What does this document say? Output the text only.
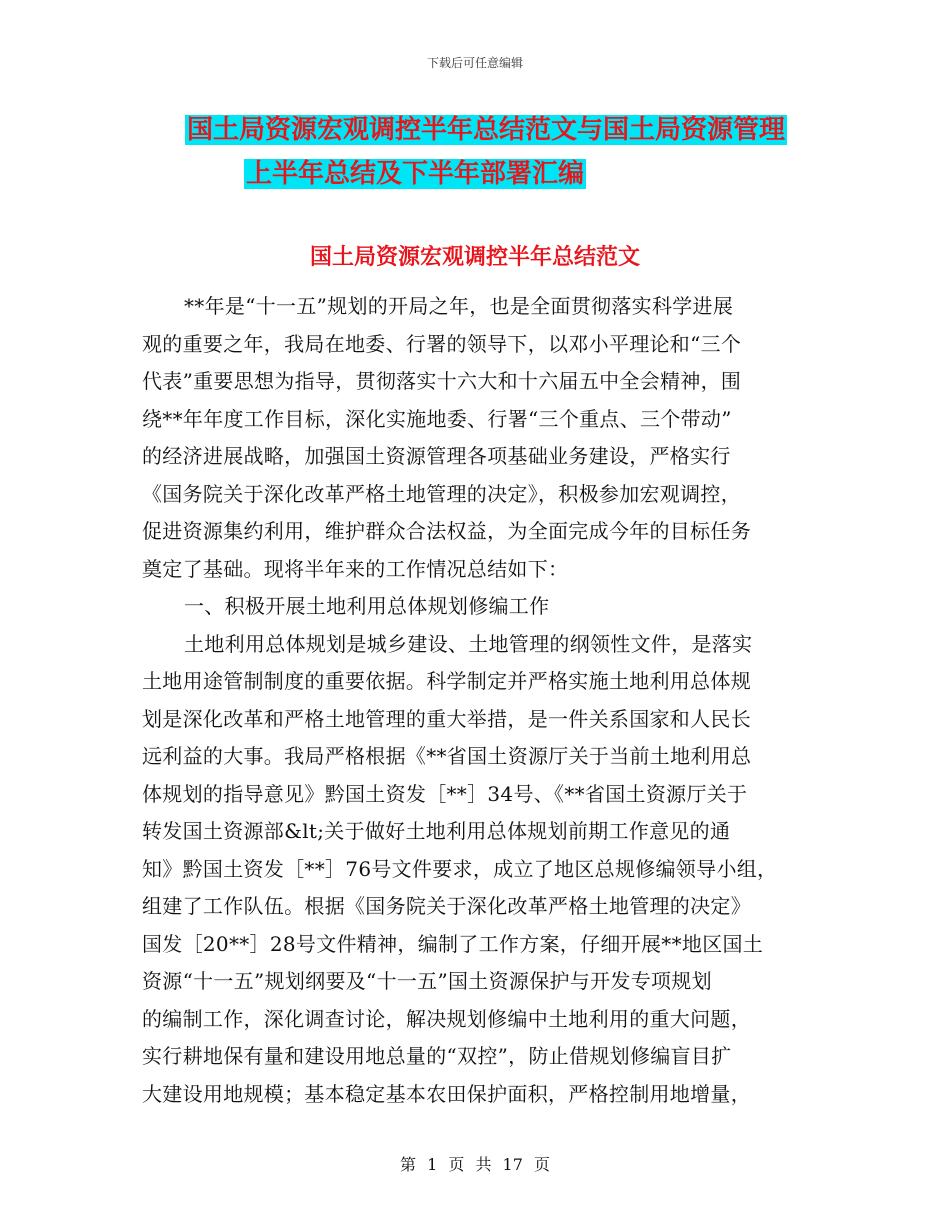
下载后可任意编辑
国土局资源宏观调控半年总结范文与国土局资源管理
上半年总结及下半年部署汇编
国土局资源宏观调控半年总结范文
**年是“十一五”规划的开局之年，也是全面贯彻落实科学进展
观的重要之年，我局在地委、行署的领导下，以邓小平理论和“三个
代表”重要思想为指导，贯彻落实十六大和十六届五中全会精神，围
绕**年年度工作目标，深化实施地委、行署“三个重点、三个带动”
的经济进展战略，加强国土资源管理各项基础业务建设，严格实行
《国务院关于深化改革严格土地管理的决定》，积极参加宏观调控，
促进资源集约利用，维护群众合法权益，为全面完成今年的目标任务
奠定了基础。现将半年来的工作情况总结如下：
一、积极开展土地利用总体规划修编工作
土地利用总体规划是城乡建设、土地管理的纲领性文件，是落实
土地用途管制制度的重要依据。科学制定并严格实施土地利用总体规
划是深化改革和严格土地管理的重大举措，是一件关系国家和人民长
远利益的大事。我局严格根据《**省国土资源厅关于当前土地利用总
体规划的指导意见》黔国土资发［**］34号、《**省国土资源厅关于
转发国土资源部&lt;关于做好土地利用总体规划前期工作意见的通
知》黔国土资发［**］76号文件要求，成立了地区总规修编领导小组，
组建了工作队伍。根据《国务院关于深化改革严格土地管理的决定》
国发［20**］28号文件精神，编制了工作方案，仔细开展**地区国土
资源“十一五”规划纲要及“十一五”国土资源保护与开发专项规划
的编制工作，深化调查讨论，解决规划修编中土地利用的重大问题，
实行耕地保有量和建设用地总量的“双控”，防止借规划修编盲目扩
大建设用地规模；基本稳定基本农田保护面积，严格控制用地增量，
第 1 页 共 17 页
